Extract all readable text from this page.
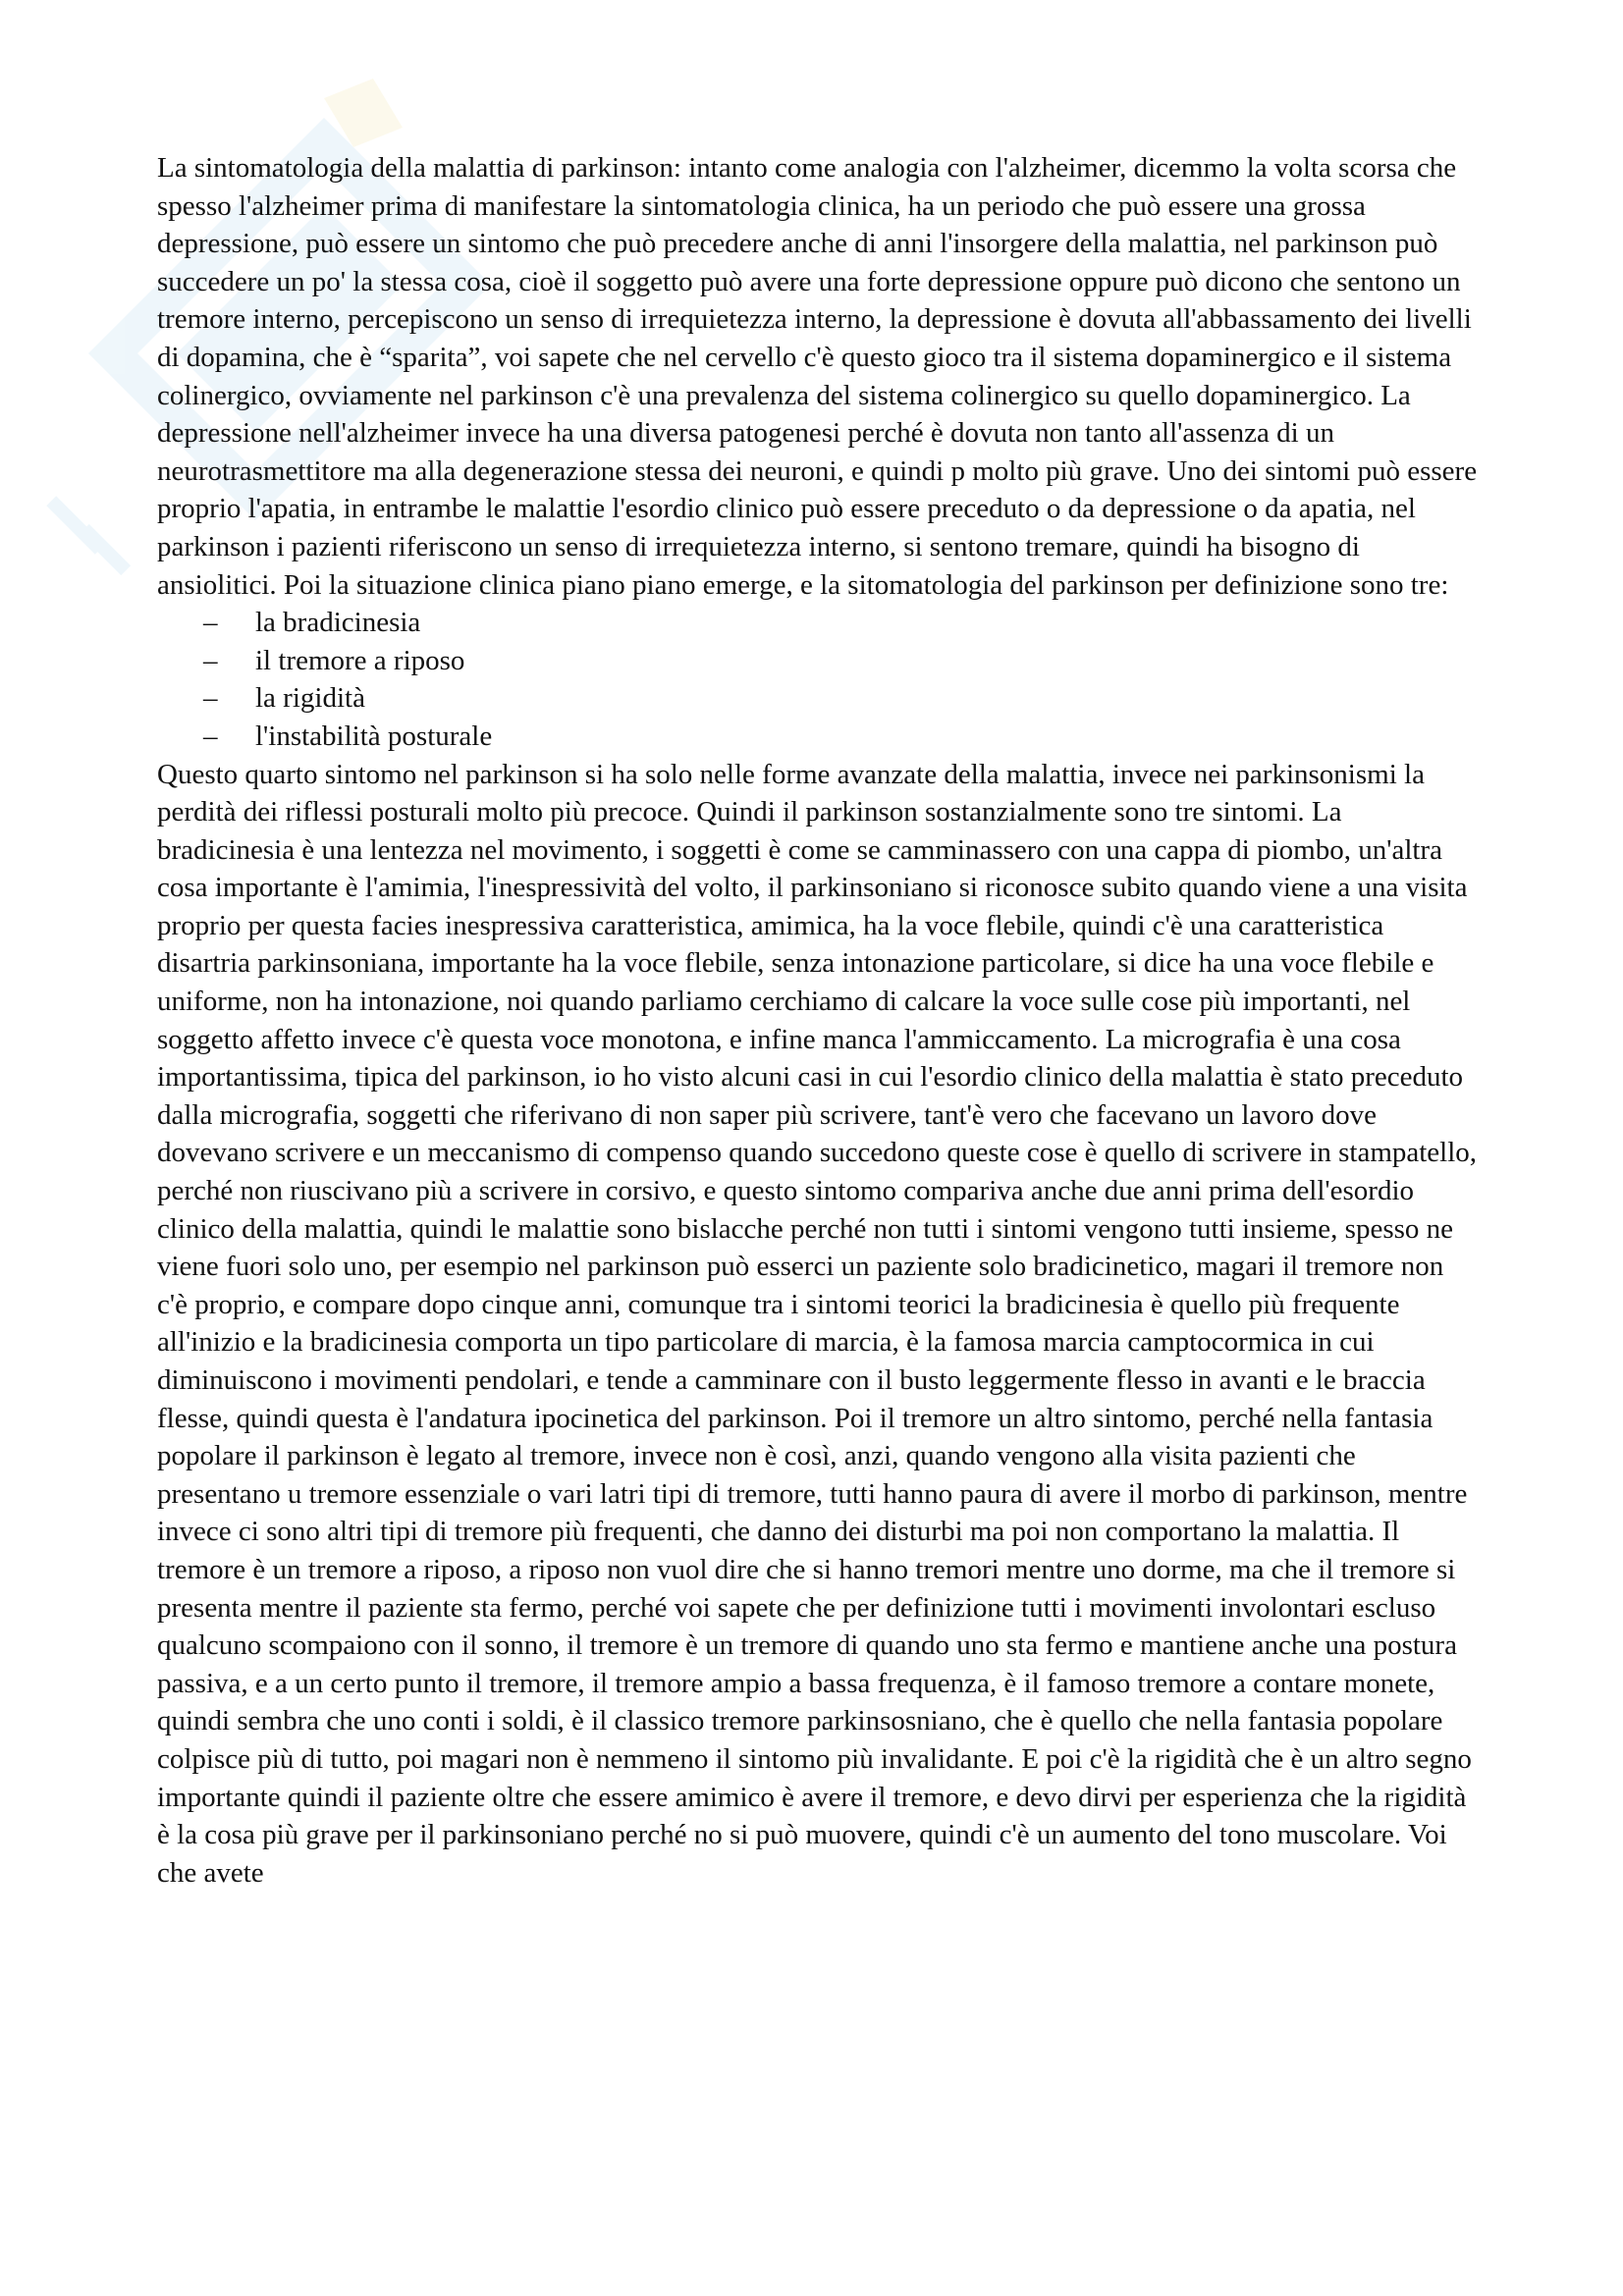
La sintomatologia della malattia di parkinson: intanto come analogia con l'alzheimer, dicemmo la volta scorsa che spesso l'alzheimer prima di manifestare la sintomatologia clinica, ha un periodo che può essere una grossa depressione, può essere un sintomo che può precedere anche di anni l'insorgere della malattia, nel parkinson può succedere un po' la stessa cosa, cioè il soggetto può avere una forte depressione oppure può dicono che sentono un tremore interno, percepiscono un senso di irrequietezza interno, la depressione è dovuta all'abbassamento dei livelli di dopamina, che è “sparita”, voi sapete che nel cervello c'è questo gioco tra il sistema dopaminergico e il sistema colinergico, ovviamente nel parkinson c'è una prevalenza del sistema colinergico su quello dopaminergico. La depressione nell'alzheimer invece ha una diversa patogenesi perché è dovuta non tanto all'assenza di un neurotrasmettitore ma alla degenerazione stessa dei neuroni, e quindi p molto più grave. Uno dei sintomi può essere proprio l'apatia, in entrambe le malattie l'esordio clinico può essere preceduto o da depressione o da apatia, nel parkinson i pazienti riferiscono un senso di irrequietezza interno, si sentono tremare, quindi ha bisogno di ansiolitici. Poi la situazione clinica piano piano emerge, e la sitomatologia del parkinson per definizione sono tre:

– la bradicinesia
– il tremore a riposo
– la rigidità
– l'instabilità posturale

Questo quarto sintomo nel parkinson si ha solo nelle forme avanzate della malattia, invece nei parkinsonismi la perdità dei riflessi posturali molto più precoce. Quindi il parkinson sostanzialmente sono tre sintomi. La bradicinesia è una lentezza nel movimento, i soggetti è come se camminassero con una cappa di piombo, un'altra cosa importante è l'amimia, l'inespressività del volto, il parkinsoniano si riconosce subito quando viene a una visita proprio per questa facies inespressiva caratteristica, amimica, ha la voce flebile, quindi c'è una caratteristica disartria parkinsoniana, importante ha la voce flebile, senza intonazione particolare, si dice ha una voce flebile e uniforme, non ha intonazione, noi quando parliamo cerchiamo di calcare la voce sulle cose più importanti, nel soggetto affetto invece c'è questa voce monotona, e infine manca l'ammiccamento. La micrografia è una cosa importantissima, tipica del parkinson, io ho visto alcuni casi in cui l'esordio clinico della malattia è stato preceduto dalla micrografia, soggetti che riferivano di non saper più scrivere, tant'è vero che facevano un lavoro dove dovevano scrivere e un meccanismo di compenso quando succedono queste cose è quello di scrivere in stampatello, perché non riuscivano più a scrivere in corsivo, e questo sintomo compariva anche due anni prima dell'esordio clinico della malattia, quindi le malattie sono bislacche perché non tutti i sintomi vengono tutti insieme, spesso ne viene fuori solo uno, per esempio nel parkinson può esserci un paziente solo bradicinetico, magari il tremore non c'è proprio, e compare dopo cinque anni, comunque tra i sintomi teorici la bradicinesia è quello più frequente all'inizio e la bradicinesia comporta un tipo particolare di marcia, è la famosa marcia camptocormica in cui diminuiscono i movimenti pendolari, e tende a camminare con il busto leggermente flesso in avanti e le braccia flesse, quindi questa è l'andatura ipocinetica del parkinson. Poi il tremore un altro sintomo, perché nella fantasia popolare il parkinson è legato al tremore, invece non è così, anzi, quando vengono alla visita pazienti che presentano u tremore essenziale o vari latri tipi di tremore, tutti hanno paura di avere il morbo di parkinson, mentre invece ci sono altri tipi di tremore più frequenti, che danno dei disturbi ma poi non comportano la malattia. Il tremore è un tremore a riposo, a riposo non vuol dire che si hanno tremori mentre uno dorme, ma che il tremore si presenta mentre il paziente sta fermo, perché voi sapete che per definizione tutti i movimenti involontari escluso qualcuno scompaiono con il sonno, il tremore è un tremore di quando uno sta fermo e mantiene anche una postura passiva, e a un certo punto il tremore, il tremore ampio a bassa frequenza, è il famoso tremore a contare monete, quindi sembra che uno conti i soldi, è il classico tremore parkinsosniano, che è quello che nella fantasia popolare colpisce più di tutto, poi magari non è nemmeno il sintomo più invalidante. E poi c'è la rigidità che è un altro segno importante quindi il paziente oltre che essere amimico è avere il tremore, e devo dirvi per esperienza che la rigidità è la cosa più grave per il parkinsoniano perché no si può muovere, quindi c'è un aumento del tono muscolare. Voi che avete
